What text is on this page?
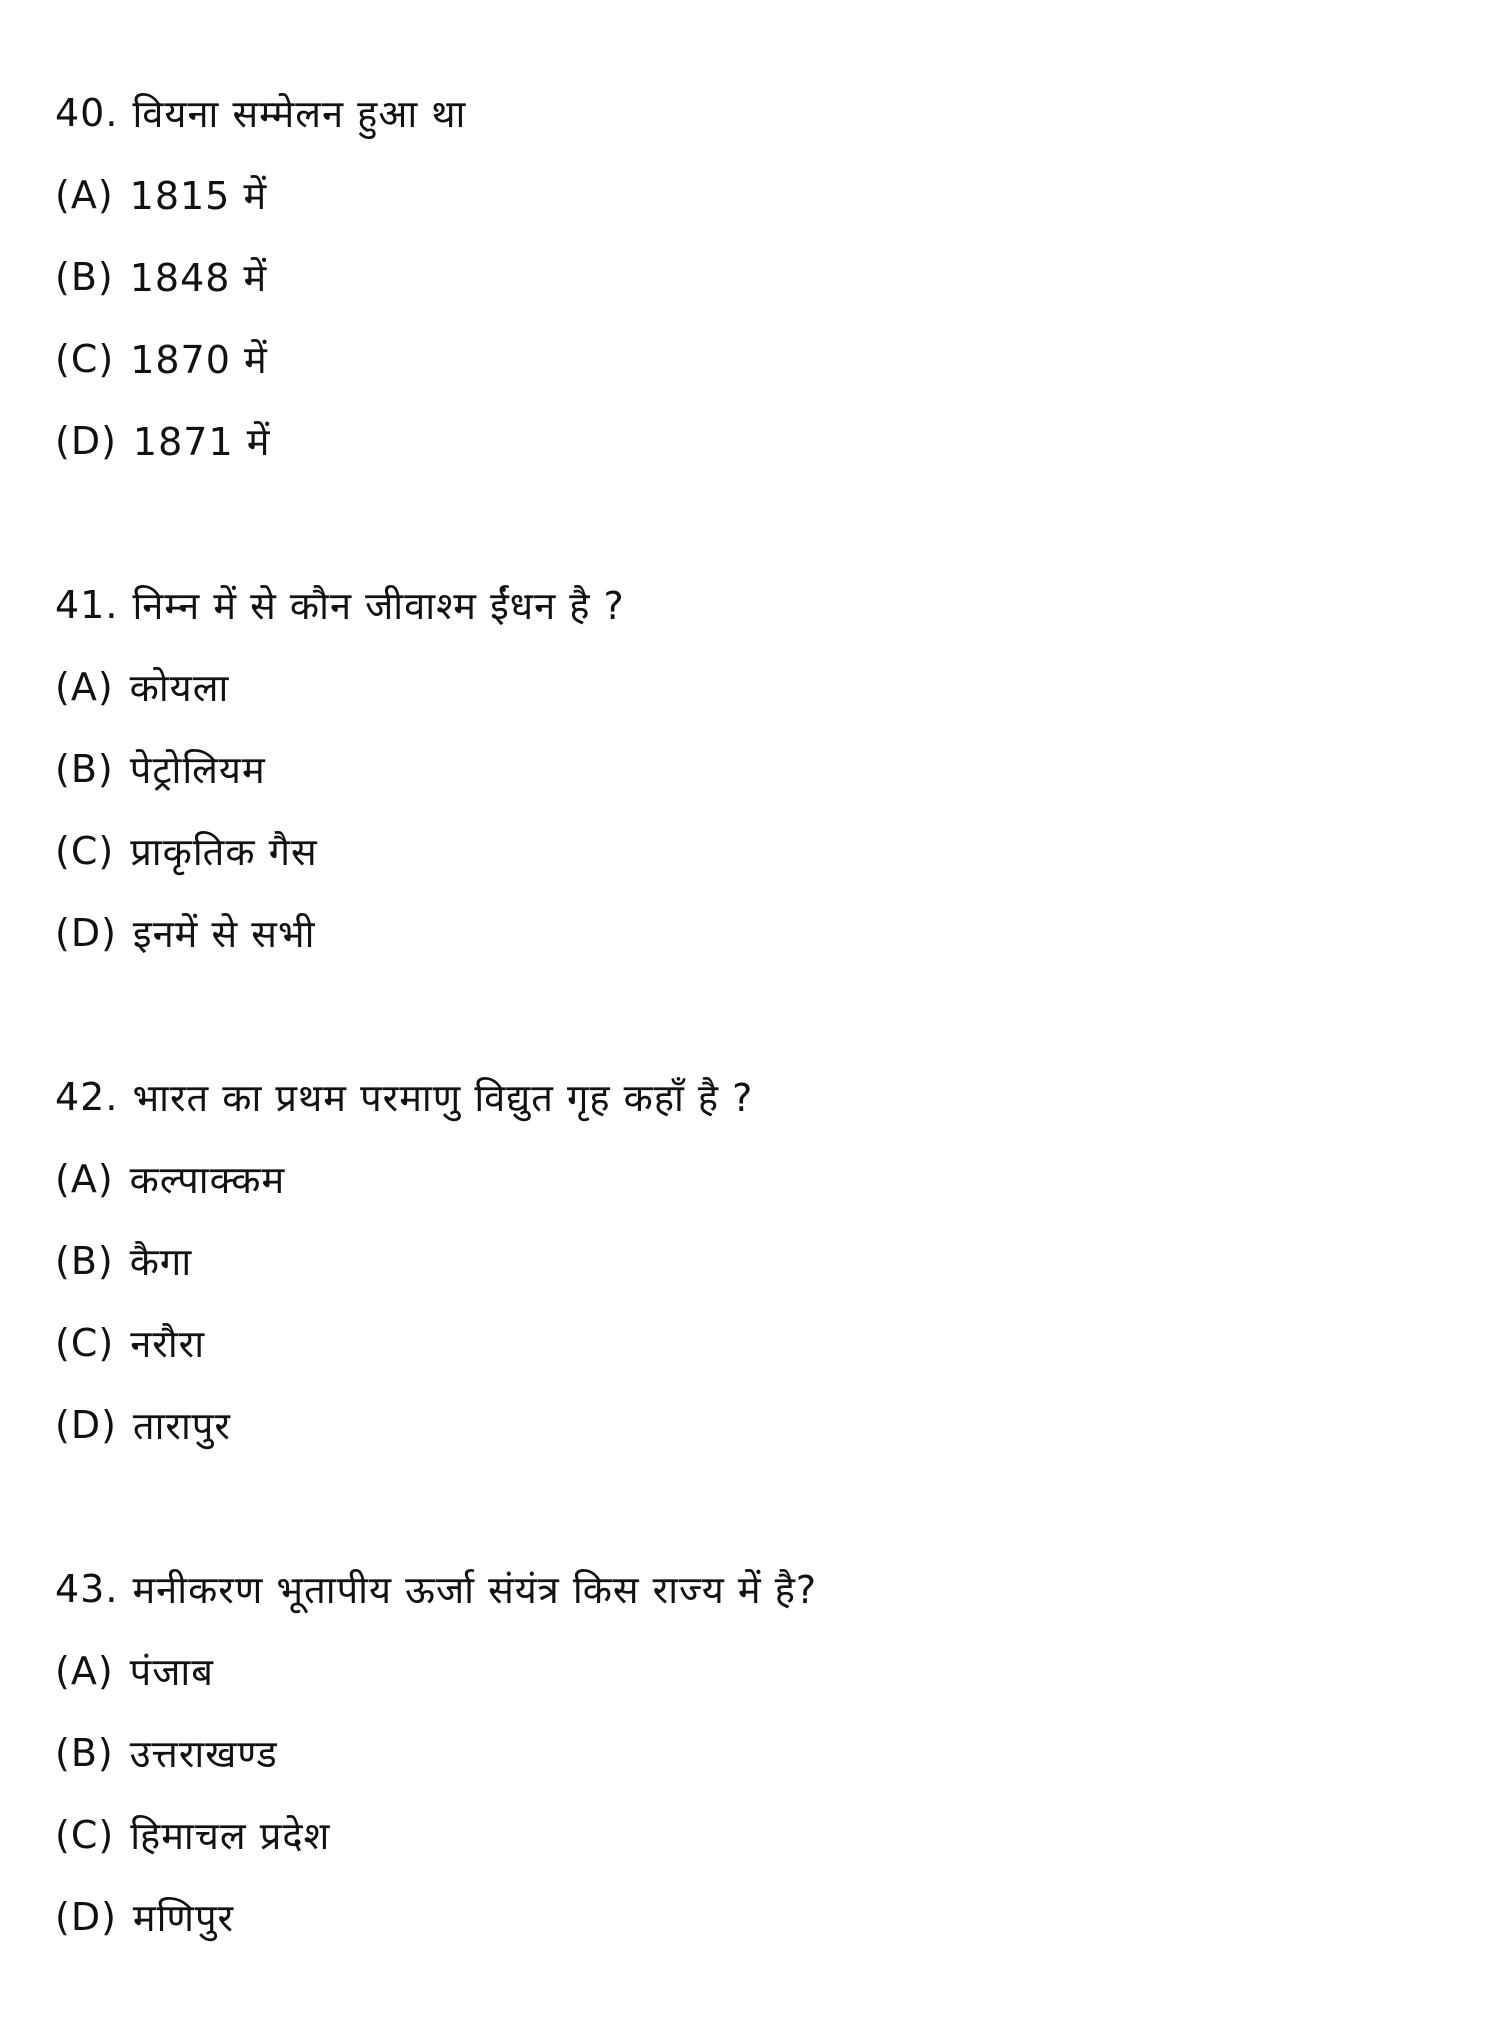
40. वियना सम्मेलन हुआ था
(A) 1815 में
(B) 1848 में
(C) 1870 में
(D) 1871 में
41. निम्न में से कौन जीवाश्म ईंधन है ?
(A) कोयला
(B) पेट्रोलियम
(C) प्राकृतिक गैस
(D) इनमें से सभी
42. भारत का प्रथम परमाणु विद्युत गृह कहाँ है ?
(A) कल्पाक्कम
(B) कैगा
(C) नरौरा
(D) तारापुर
43. मनीकरण भूतापीय ऊर्जा संयंत्र किस राज्य में है?
(A) पंजाब
(B) उत्तराखण्ड
(C) हिमाचल प्रदेश
(D) मणिपुर
